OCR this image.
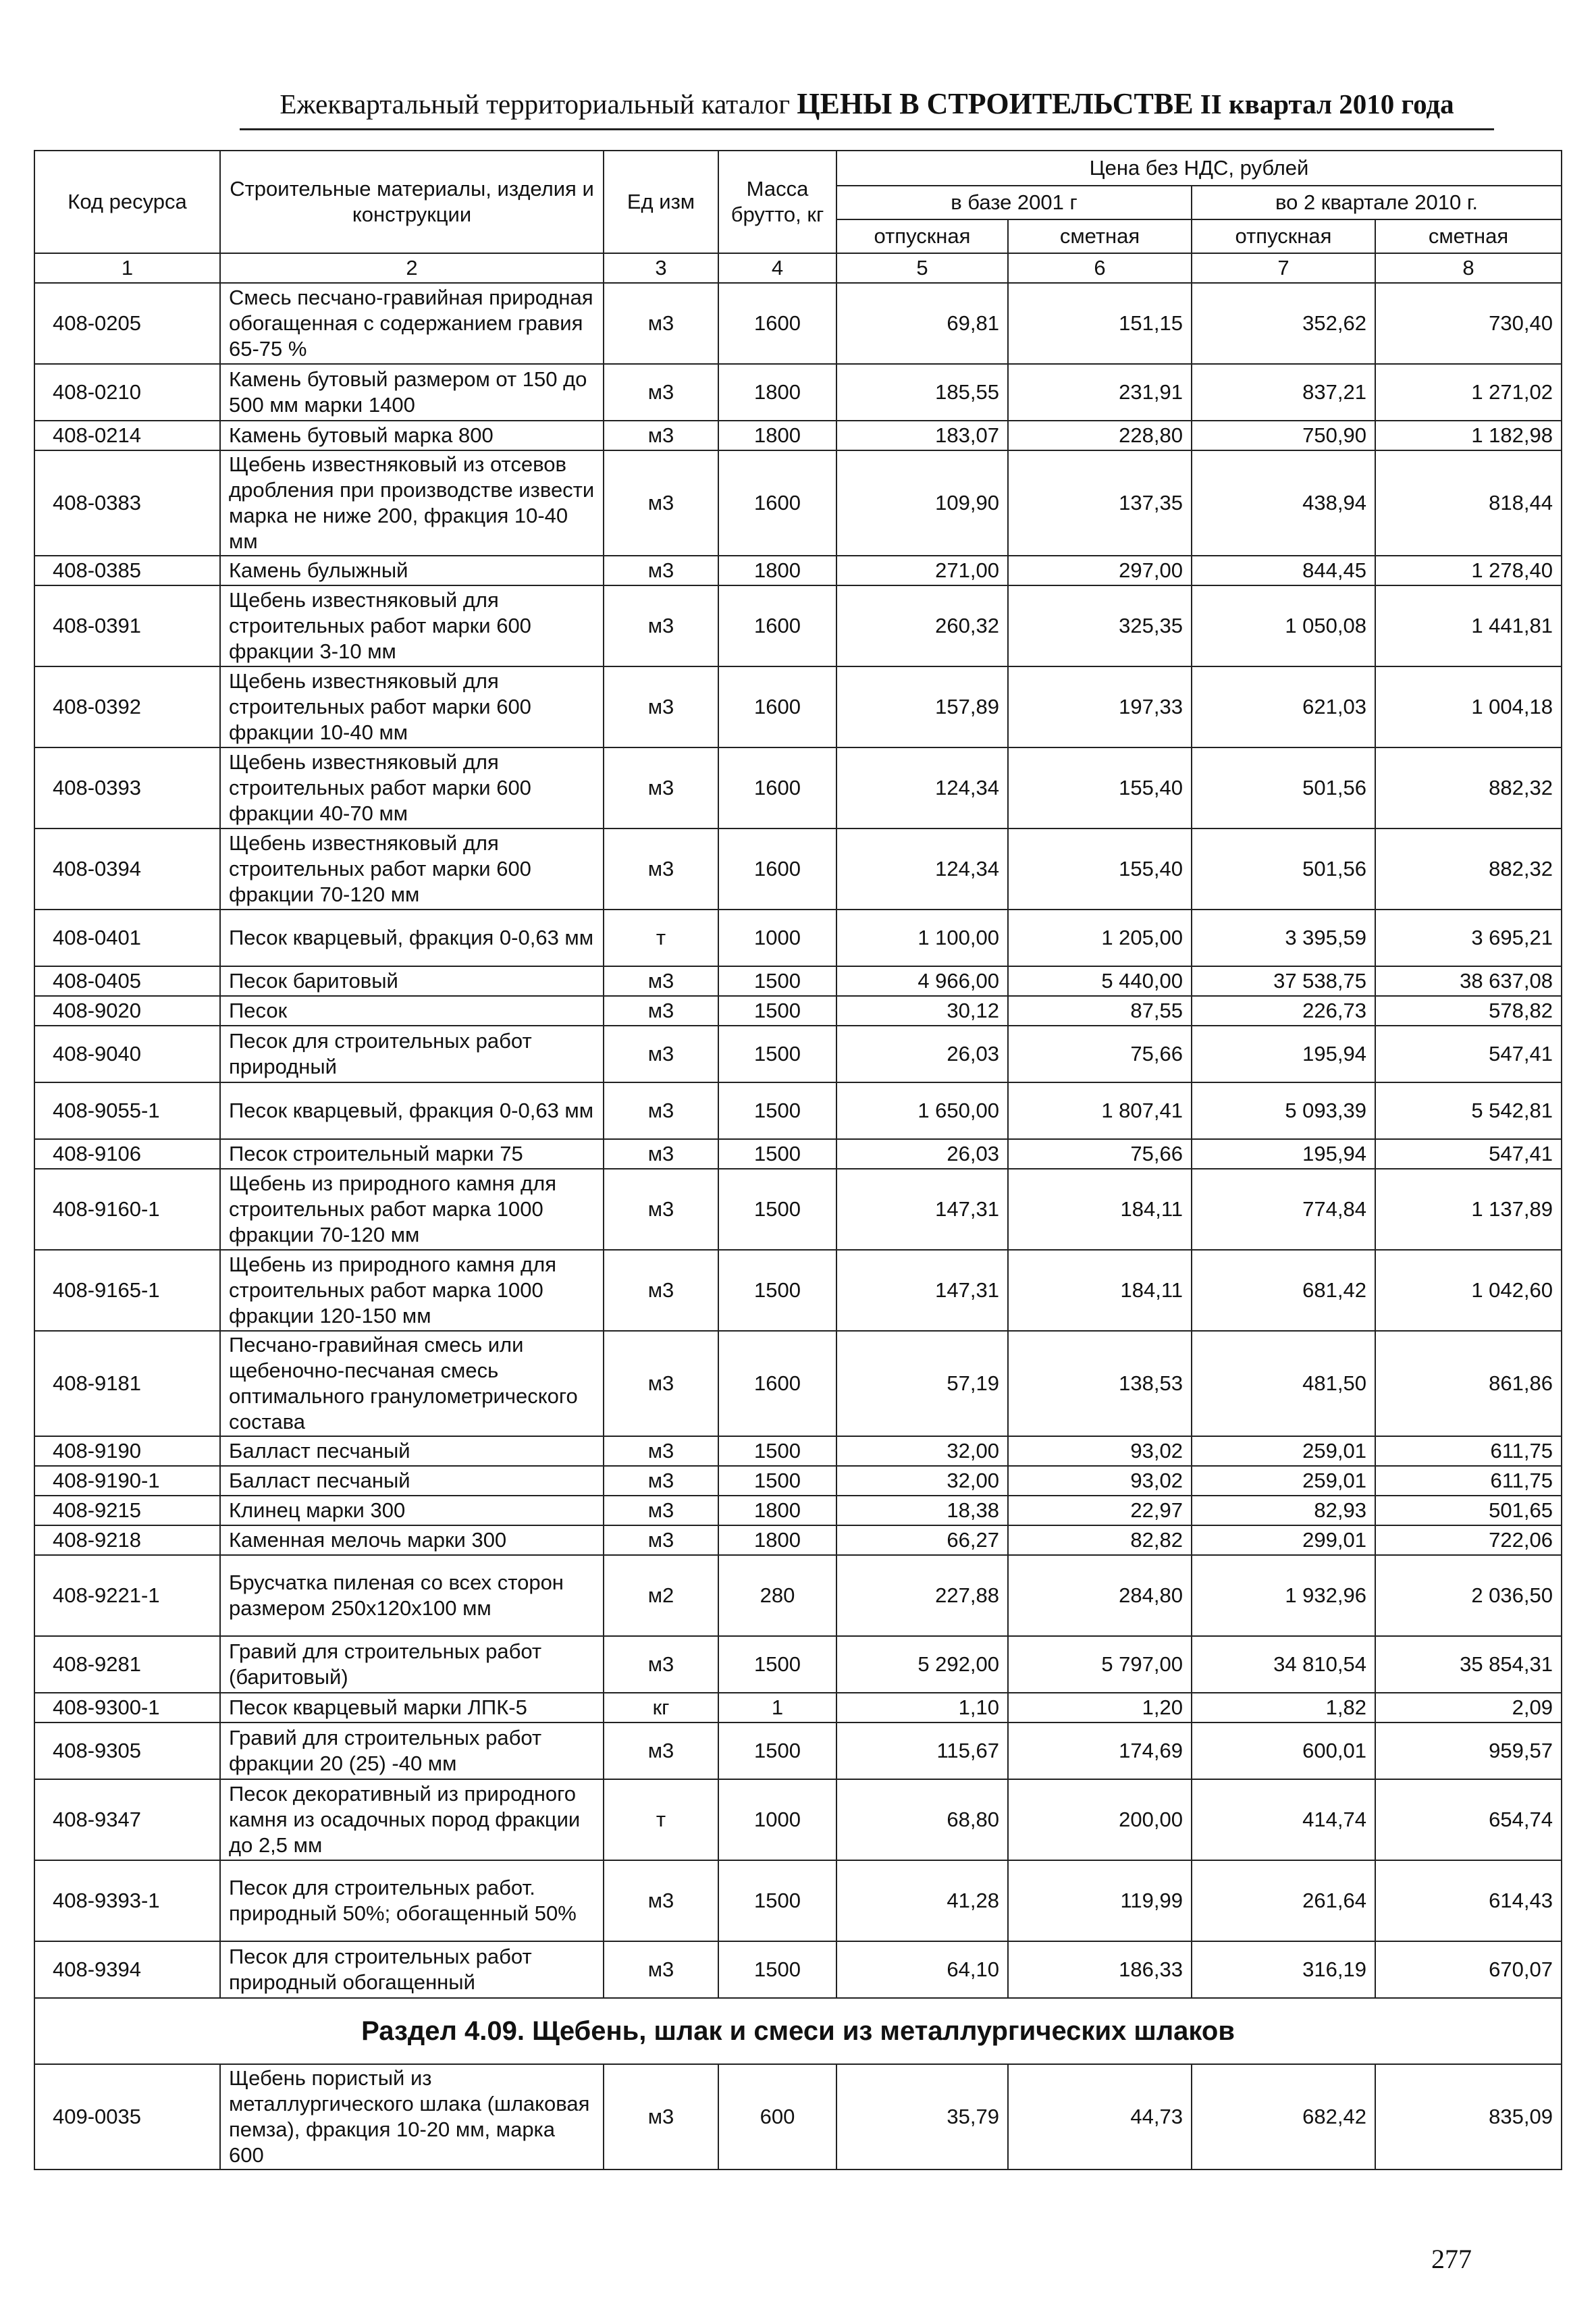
Ежеквартальный территориальный каталог ЦЕНЫ В СТРОИТЕЛЬСТВЕ II квартал 2010 года
Код ресурса	Строительные материалы, изделия и конструкции	Ед изм	Масса брутто, кг	Цена без НДС, рублей			
				в базе 2001 г		во 2 квартале 2010 г.	
				отпускная	сметная	отпускная	сметная
1	2	3	4	5	6	7	8
408-0205	Смесь песчано-гравийная природная обогащенная с содержанием гравия 65-75 %	м3	1600	69,81	151,15	352,62	730,40
408-0210	Камень бутовый размером от 150 до 500 мм марки 1400	м3	1800	185,55	231,91	837,21	1 271,02
408-0214	Камень бутовый марка 800	м3	1800	183,07	228,80	750,90	1 182,98
408-0383	Щебень известняковый из отсевов дробления при производстве извести марка не ниже 200, фракция 10-40 мм	м3	1600	109,90	137,35	438,94	818,44
408-0385	Камень булыжный	м3	1800	271,00	297,00	844,45	1 278,40
408-0391	Щебень известняковый для строительных работ марки 600 фракции 3-10 мм	м3	1600	260,32	325,35	1 050,08	1 441,81
408-0392	Щебень известняковый для строительных работ марки 600 фракции 10-40 мм	м3	1600	157,89	197,33	621,03	1 004,18
408-0393	Щебень известняковый для строительных работ марки 600 фракции 40-70 мм	м3	1600	124,34	155,40	501,56	882,32
408-0394	Щебень известняковый для строительных работ марки 600 фракции 70-120 мм	м3	1600	124,34	155,40	501,56	882,32
408-0401	Песок кварцевый, фракция 0-0,63 мм	т	1000	1 100,00	1 205,00	3 395,59	3 695,21
408-0405	Песок баритовый	м3	1500	4 966,00	5 440,00	37 538,75	38 637,08
408-9020	Песок	м3	1500	30,12	87,55	226,73	578,82
408-9040	Песок для строительных работ природный	м3	1500	26,03	75,66	195,94	547,41
408-9055-1	Песок кварцевый, фракция 0-0,63 мм	м3	1500	1 650,00	1 807,41	5 093,39	5 542,81
408-9106	Песок строительный марки 75	м3	1500	26,03	75,66	195,94	547,41
408-9160-1	Щебень из природного камня для строительных работ марка 1000 фракции 70-120 мм	м3	1500	147,31	184,11	774,84	1 137,89
408-9165-1	Щебень из природного камня для строительных работ марка 1000 фракции 120-150 мм	м3	1500	147,31	184,11	681,42	1 042,60
408-9181	Песчано-гравийная смесь или щебеночно-песчаная смесь оптимального гранулометрического состава	м3	1600	57,19	138,53	481,50	861,86
408-9190	Балласт песчаный	м3	1500	32,00	93,02	259,01	611,75
408-9190-1	Балласт песчаный	м3	1500	32,00	93,02	259,01	611,75
408-9215	Клинец марки 300	м3	1800	18,38	22,97	82,93	501,65
408-9218	Каменная мелочь марки 300	м3	1800	66,27	82,82	299,01	722,06
408-9221-1	Брусчатка пиленая со всех сторон размером 250x120x100 мм	м2	280	227,88	284,80	1 932,96	2 036,50
408-9281	Гравий для строительных работ (баритовый)	м3	1500	5 292,00	5 797,00	34 810,54	35 854,31
408-9300-1	Песок кварцевый марки ЛПК-5	кг	1	1,10	1,20	1,82	2,09
408-9305	Гравий для строительных работ фракции 20 (25) -40 мм	м3	1500	115,67	174,69	600,01	959,57
408-9347	Песок декоративный из природного камня из осадочных пород фракции до 2,5 мм	т	1000	68,80	200,00	414,74	654,74
408-9393-1	Песок для строительных работ. природный 50%; обогащенный 50%	м3	1500	41,28	119,99	261,64	614,43
408-9394	Песок для строительных работ природный обогащенный	м3	1500	64,10	186,33	316,19	670,07
Раздел 4.09. Щебень, шлак и смеси из металлургических шлаков							
409-0035	Щебень пористый из металлургического шлака (шлаковая пемза), фракция 10-20 мм, марка 600	м3	600	35,79	44,73	682,42	835,09
277
